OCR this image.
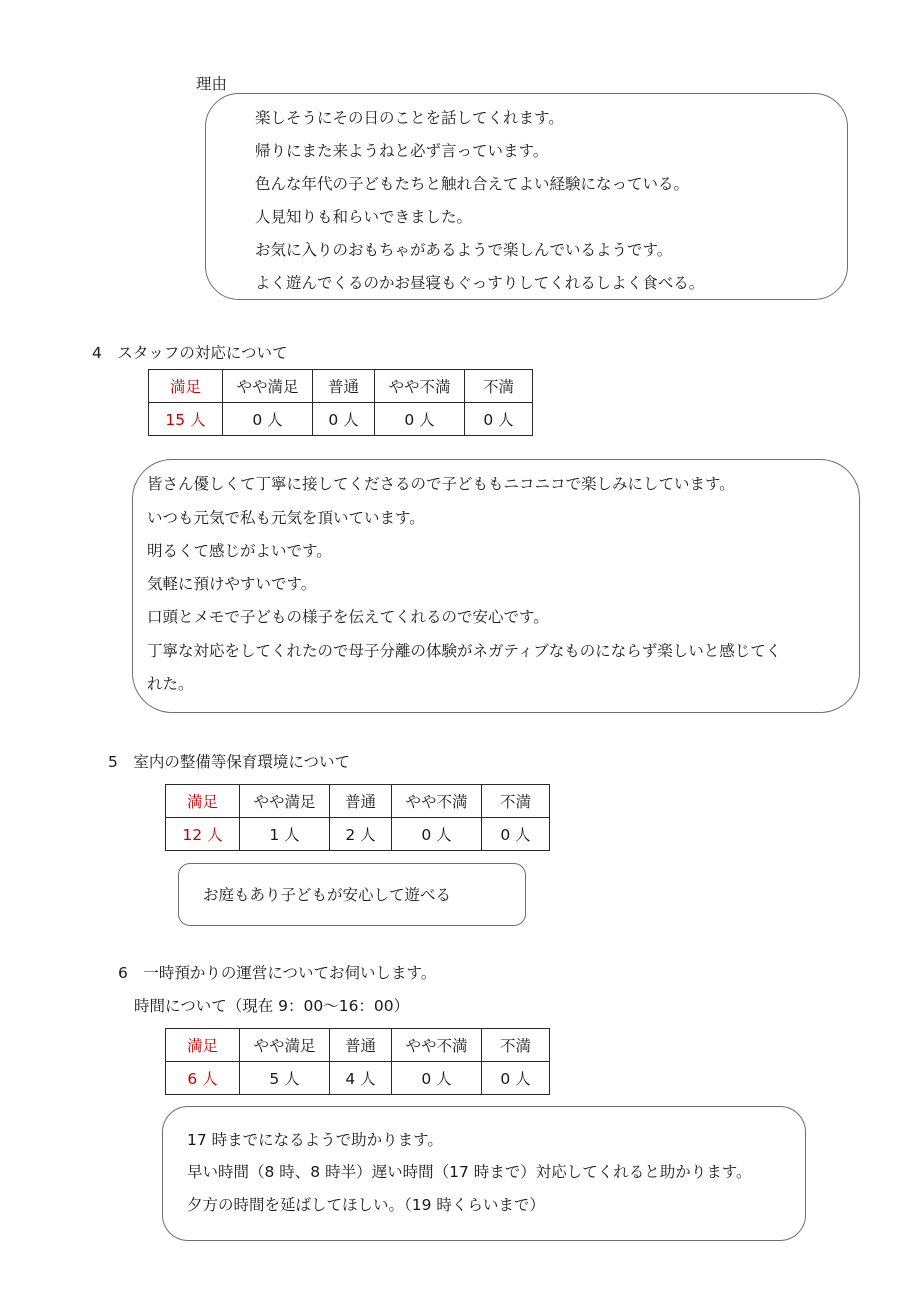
理由
楽しそうにその日のことを話してくれます。
帰りにまた来ようねと必ず言っています。
色んな年代の子どもたちと触れ合えてよい経験になっている。
人見知りも和らいできました。
お気に入りのおもちゃがあるようで楽しんでいるようです。
よく遊んでくるのかお昼寝もぐっすりしてくれるしよく食べる。
4　スタッフの対応について
満足	やや満足	普通	やや不満	不満
15 人	0 人	0 人	0 人	0 人
皆さん優しくて丁寧に接してくださるので子どももニコニコで楽しみにしています。
いつも元気で私も元気を頂いています。
明るくて感じがよいです。
気軽に預けやすいです。
口頭とメモで子どもの様子を伝えてくれるので安心です。
丁寧な対応をしてくれたので母子分離の体験がネガティブなものにならず楽しいと感じてく
れた。
5　室内の整備等保育環境について
満足	やや満足	普通	やや不満	不満
12 人	1 人	2 人	0 人	0 人
お庭もあり子どもが安心して遊べる
6　一時預かりの運営についてお伺いします。
時間について（現在 9：00～16：00）
満足	やや満足	普通	やや不満	不満
6 人	5 人	4 人	0 人	0 人
17 時までになるようで助かります。
早い時間（8 時、8 時半）遅い時間（17 時まで）対応してくれると助かります。
夕方の時間を延ばしてほしい。（19 時くらいまで）
